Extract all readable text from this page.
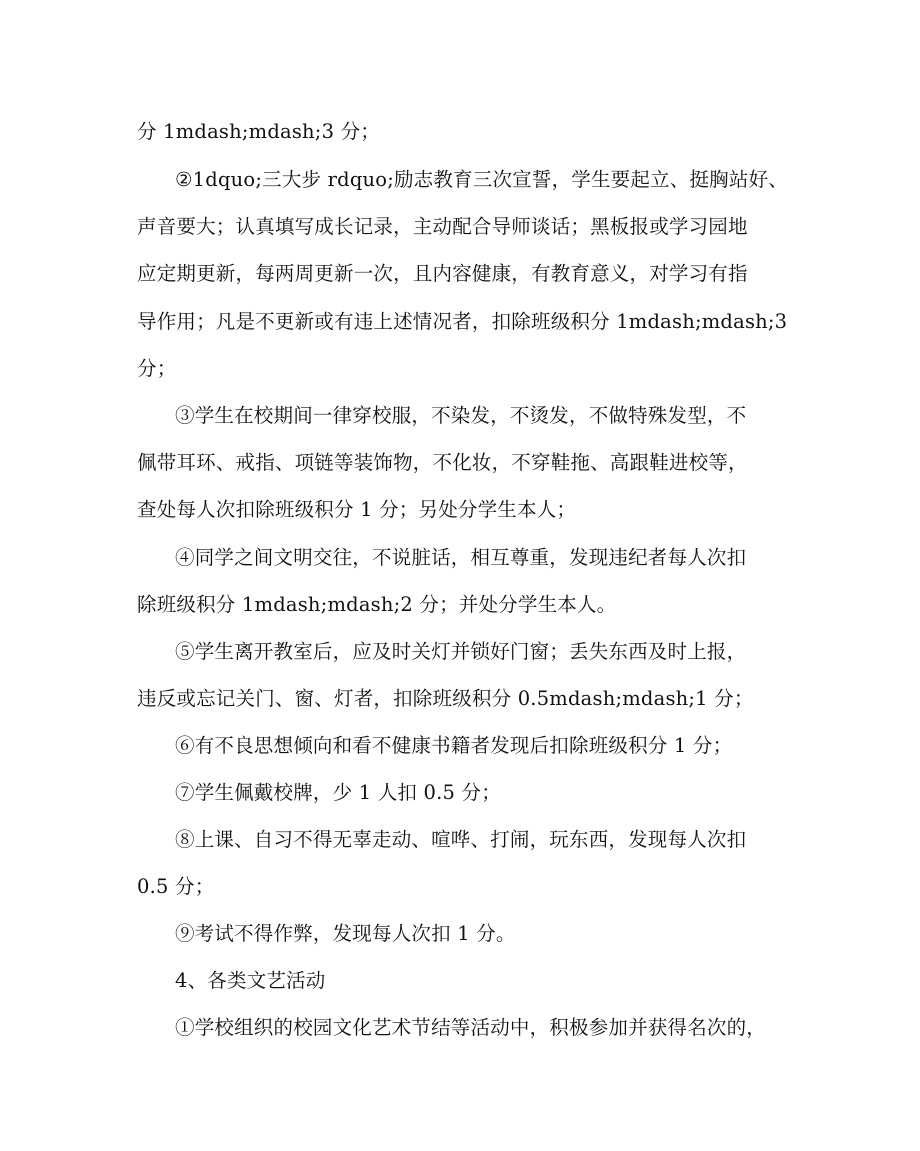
分 1mdash;mdash;3 分；
②1dquo;三大步 rdquo;励志教育三次宣誓，学生要起立、挺胸站好、
声音要大；认真填写成长记录，主动配合导师谈话；黑板报或学习园地
应定期更新，每两周更新一次，且内容健康，有教育意义，对学习有指
导作用；凡是不更新或有违上述情况者，扣除班级积分 1mdash;mdash;3
分；
③学生在校期间一律穿校服，不染发，不烫发，不做特殊发型，不
佩带耳环、戒指、项链等装饰物，不化妆，不穿鞋拖、高跟鞋进校等，
查处每人次扣除班级积分 1 分；另处分学生本人；
④同学之间文明交往，不说脏话，相互尊重，发现违纪者每人次扣
除班级积分 1mdash;mdash;2 分；并处分学生本人。
⑤学生离开教室后，应及时关灯并锁好门窗；丢失东西及时上报，
违反或忘记关门、窗、灯者，扣除班级积分 0.5mdash;mdash;1 分；
⑥有不良思想倾向和看不健康书籍者发现后扣除班级积分 1 分；
⑦学生佩戴校牌，少 1 人扣 0.5 分；
⑧上课、自习不得无辜走动、喧哗、打闹，玩东西，发现每人次扣
0.5 分；
⑨考试不得作弊，发现每人次扣 1 分。
4、各类文艺活动
①学校组织的校园文化艺术节结等活动中，积极参加并获得名次的，
